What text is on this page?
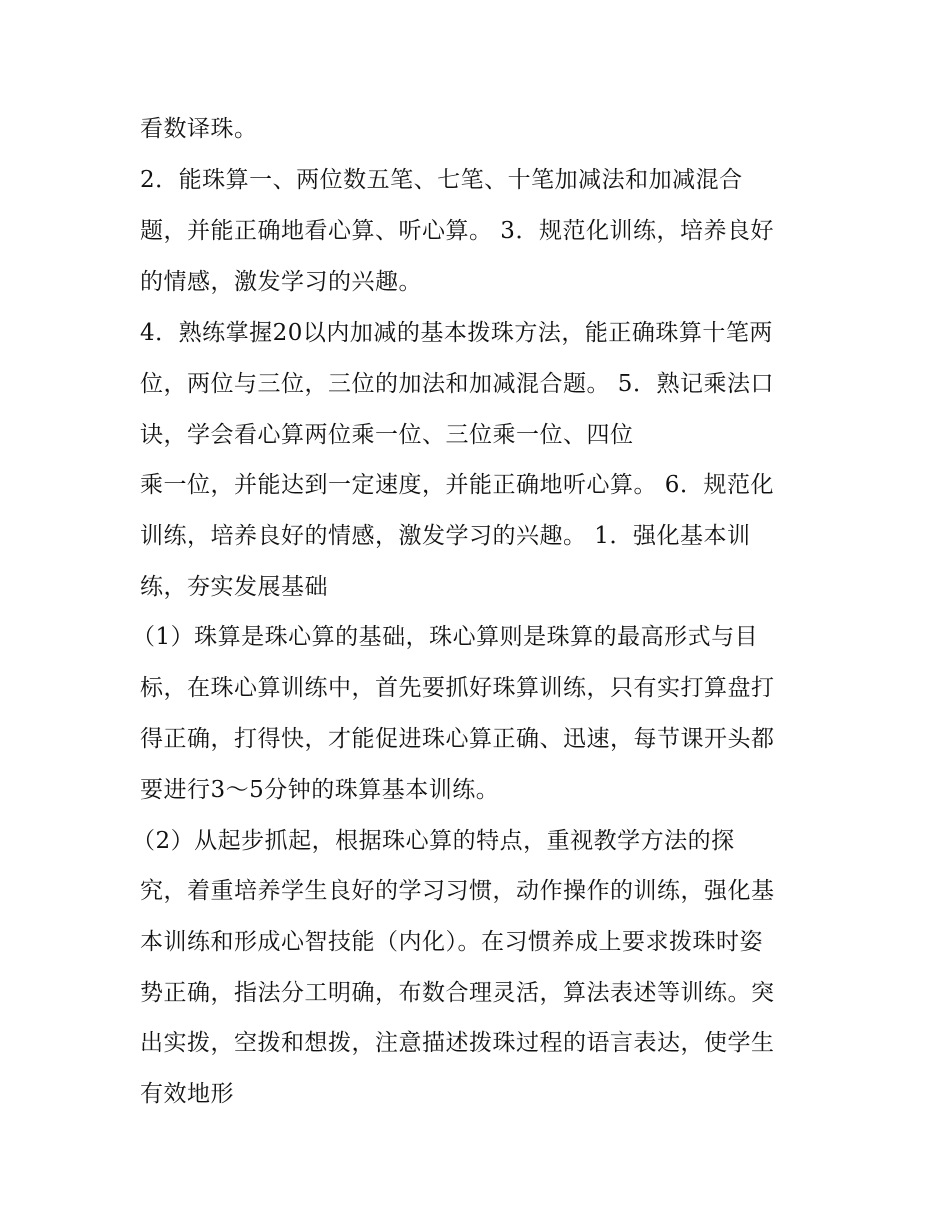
看数译珠。
2．能珠算一、两位数五笔、七笔、十笔加减法和加减混合
题，并能正确地看心算、听心算。 3．规范化训练，培养良好
的情感，激发学习的兴趣。
4．熟练掌握20以内加减的基本拨珠方法，能正确珠算十笔两
位，两位与三位，三位的加法和加减混合题。 5．熟记乘法口
诀，学会看心算两位乘一位、三位乘一位、四位
乘一位，并能达到一定速度，并能正确地听心算。 6．规范化
训练，培养良好的情感，激发学习的兴趣。 1．强化基本训
练，夯实发展基础
（1）珠算是珠心算的基础，珠心算则是珠算的最高形式与目
标，在珠心算训练中，首先要抓好珠算训练，只有实打算盘打
得正确，打得快，才能促进珠心算正确、迅速，每节课开头都
要进行3～5分钟的珠算基本训练。
（2）从起步抓起，根据珠心算的特点，重视教学方法的探
究，着重培养学生良好的学习习惯，动作操作的训练，强化基
本训练和形成心智技能（内化）。在习惯养成上要求拨珠时姿
势正确，指法分工明确，布数合理灵活，算法表述等训练。突
出实拨，空拨和想拨，注意描述拨珠过程的语言表达，使学生
有效地形
